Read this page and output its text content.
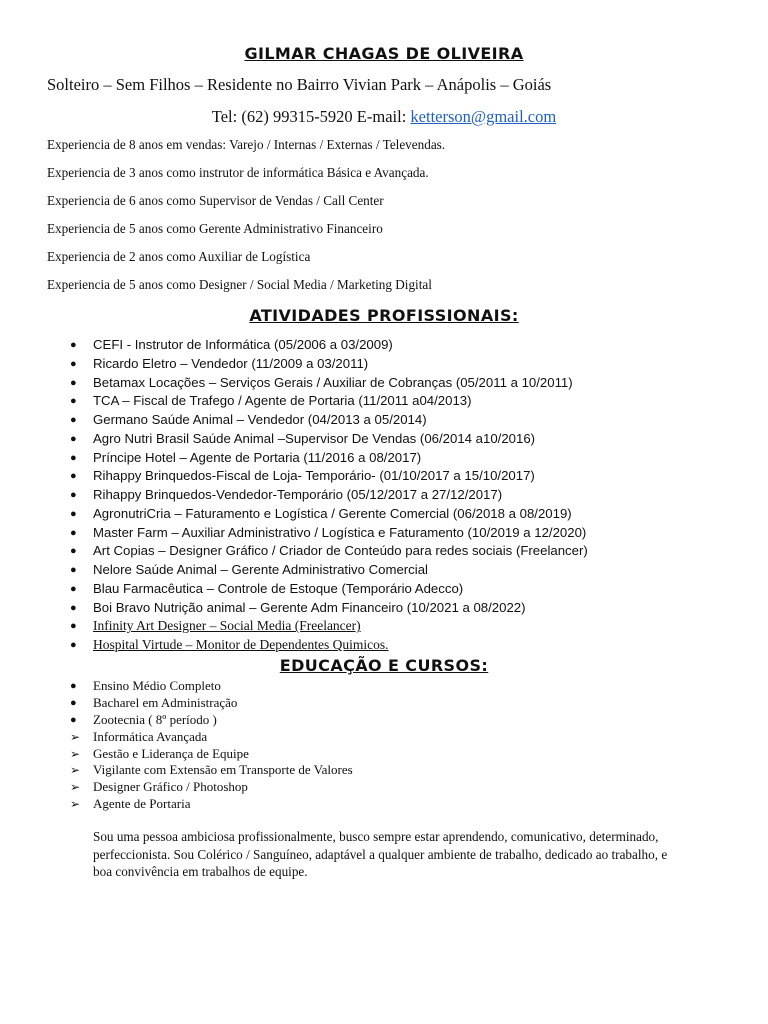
GILMAR CHAGAS DE OLIVEIRA
Solteiro – Sem Filhos – Residente no Bairro Vivian Park – Anápolis – Goiás
Tel: (62) 99315-5920 E-mail: ketterson@gmail.com
Experiencia de 8 anos em vendas: Varejo / Internas / Externas / Televendas.
Experiencia de 3 anos como instrutor de informática Básica e Avançada.
Experiencia de 6 anos como Supervisor de Vendas / Call Center
Experiencia de 5 anos como Gerente Administrativo Financeiro
Experiencia de 2 anos como Auxiliar de Logística
Experiencia de 5 anos como Designer / Social Media / Marketing Digital
ATIVIDADES PROFISSIONAIS:
● CEFI - Instrutor de Informática (05/2006 a 03/2009)
● Ricardo Eletro – Vendedor (11/2009 a 03/2011)
● Betamax Locações – Serviços Gerais / Auxiliar de Cobranças (05/2011 a 10/2011)
● TCA – Fiscal de Trafego / Agente de Portaria (11/2011 a04/2013)
● Germano Saúde Animal – Vendedor (04/2013 a 05/2014)
● Agro Nutri Brasil Saúde Animal –Supervisor De Vendas (06/2014 a10/2016)
● Príncipe Hotel – Agente de Portaria (11/2016 a 08/2017)
● Rihappy Brinquedos-Fiscal de Loja- Temporário- (01/10/2017 a 15/10/2017)
● Rihappy Brinquedos-Vendedor-Temporário (05/12/2017 a 27/12/2017)
● AgronutriCria – Faturamento e Logística / Gerente Comercial (06/2018 a 08/2019)
● Master Farm – Auxiliar Administrativo / Logística e Faturamento (10/2019 a 12/2020)
● Art Copias – Designer Gráfico / Criador de Conteúdo para redes sociais (Freelancer)
● Nelore Saúde Animal – Gerente Administrativo Comercial
● Blau Farmacêutica – Controle de Estoque (Temporário Adecco)
● Boi Bravo Nutrição animal – Gerente Adm Financeiro (10/2021 a 08/2022)
● Infinity Art Designer – Social Media (Freelancer)
● Hospital Virtude – Monitor de Dependentes Quimicos.
EDUCAÇÃO E CURSOS:
● Ensino Médio Completo
● Bacharel em Administração
● Zootecnia ( 8º período )
➢ Informática Avançada
➢ Gestão e Liderança de Equipe
➢ Vigilante com Extensão em Transporte de Valores
➢ Designer Gráfico / Photoshop
➢ Agente de Portaria

Sou uma pessoa ambiciosa profissionalmente, busco sempre estar aprendendo, comunicativo, determinado,
perfeccionista. Sou Colérico / Sanguíneo, adaptável a qualquer ambiente de trabalho, dedicado ao trabalho, e
boa convivência em trabalhos de equipe.
